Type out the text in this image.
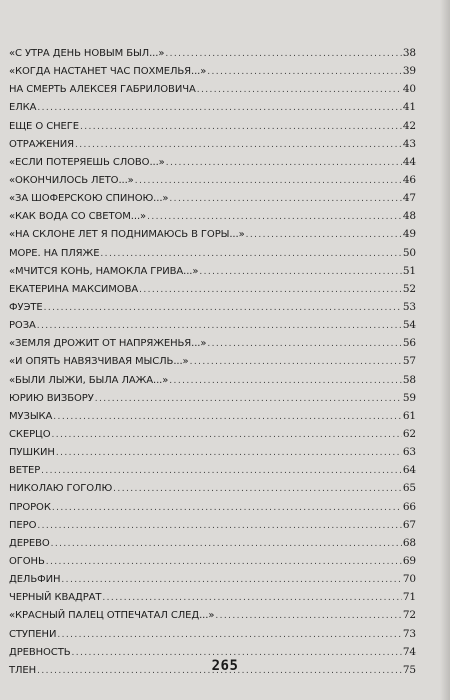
«С УТРА ДЕНЬ НОВЫМ БЫЛ...» .....	38
«КОГДА НАСТАНЕТ ЧАС ПОХМЕЛЬЯ...» .....	39
НА СМЕРТЬ АЛЕКСЕЯ ГАБРИЛОВИЧА .....	40
ЕЛКА .....	41
ЕЩЕ О СНЕГЕ .....	42
ОТРАЖЕНИЯ .....	43
«ЕСЛИ ПОТЕРЯЕШЬ СЛОВО...» .....	44
«ОКОНЧИЛОСЬ ЛЕТО...» .....	46
«ЗА ШОФЕРСКОЮ СПИНОЮ...» .....	47
«КАК ВОДА СО СВЕТОМ...» .....	48
«НА СКЛОНЕ ЛЕТ Я ПОДНИМАЮСЬ В ГОРЫ...» .....	49
МОРЕ. НА ПЛЯЖЕ .....	50
«МЧИТСЯ КОНЬ, НАМОКЛА ГРИВА...» .....	51
ЕКАТЕРИНА МАКСИМОВА .....	52
ФУЭТЕ .....	53
РОЗА .....	54
«ЗЕМЛЯ ДРОЖИТ ОТ НАПРЯЖЕНЬЯ...» .....	56
«И ОПЯТЬ НАВЯЗЧИВАЯ МЫСЛЬ...» .....	57
«БЫЛИ ЛЫЖИ, БЫЛА ЛАЖА...» .....	58
ЮРИЮ ВИЗБОРУ .....	59
МУЗЫКА .....	61
СКЕРЦО .....	62
ПУШКИН .....	63
ВЕТЕР .....	64
НИКОЛАЮ ГОГОЛЮ .....	65
ПРОРОК .....	66
ПЕРО .....	67
ДЕРЕВО .....	68
ОГОНЬ .....	69
ДЕЛЬФИН .....	70
ЧЕРНЫЙ КВАДРАТ .....	71
«КРАСНЫЙ ПАЛЕЦ ОТПЕЧАТАЛ СЛЕД...» .....	72
СТУПЕНИ .....	73
ДРЕВНОСТЬ .....	74
ТЛЕН .....	75
265
